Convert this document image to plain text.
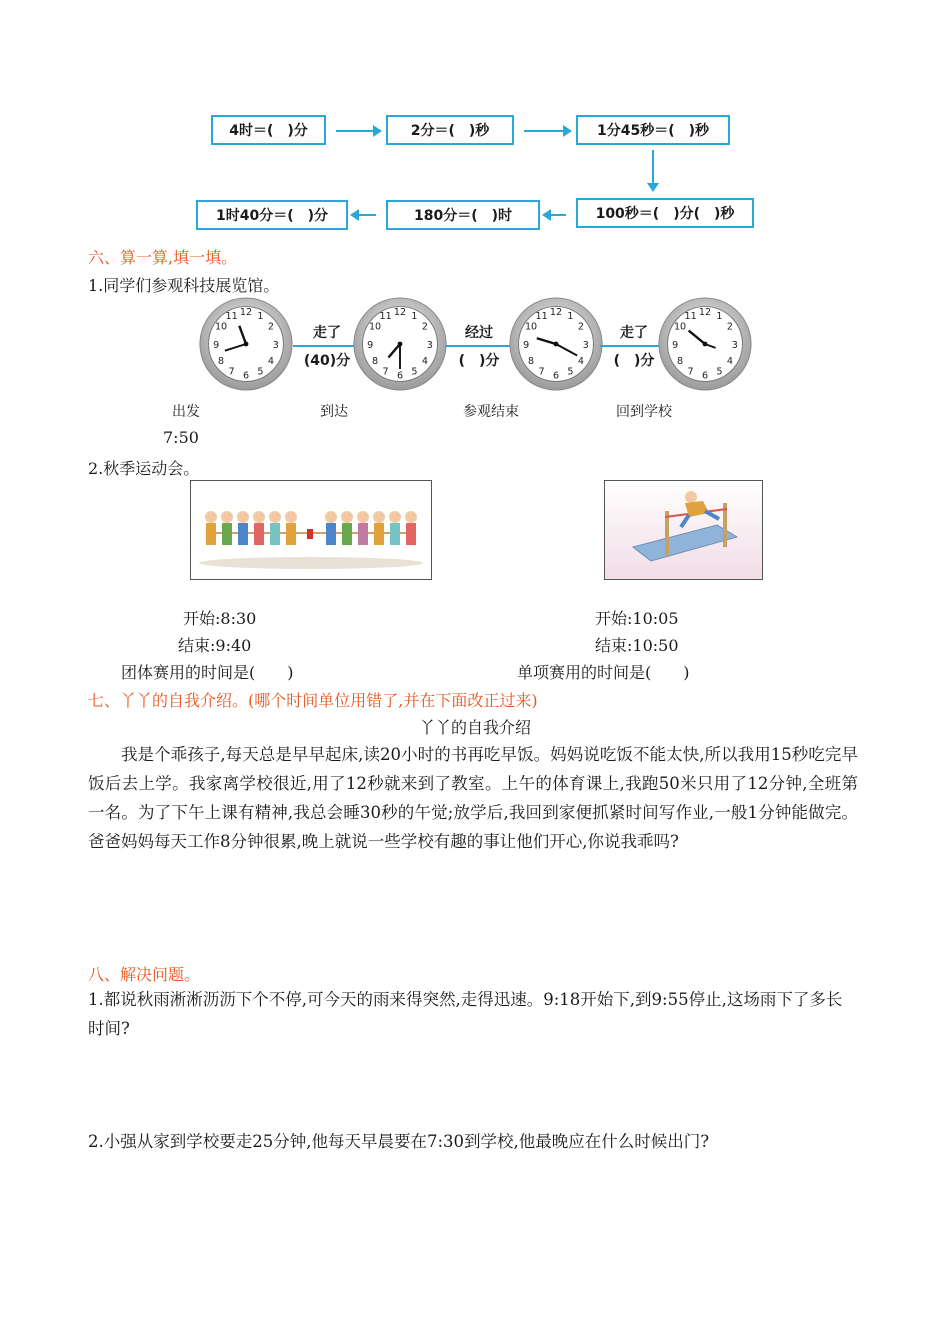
4时＝(　)分	2分＝(　)秒	1分45秒＝(　)秒
100秒＝(　)分(　)秒
180分＝(　)时
1时40分＝(　)分
六、算一算,填一填。
1.同学们参观科技展览馆。
12 1
2
3
4
5
6
7
8
9
10
11
走了
(40)分
12 1
2
3
4
5
6
7
8
9
10
11
经过
(　)分
12 1
2
3
4
5
6
7
8
9
10
11
走了
(　)分
12 1
2
3
4
5
6
7
8
9
10
11
出发	到达	参观结束	回到学校
7:50
2.秋季运动会。
开始:8:30
结束:9:40
团体赛用的时间是(　　)
开始:10:05
结束:10:50
单项赛用的时间是(　　)
七、丫丫的自我介绍。(哪个时间单位用错了,并在下面改正过来)
丫丫的自我介绍

我是个乖孩子,每天总是早早起床,读20小时的书再吃早饭。妈妈说吃饭不能太快,所以我用15秒吃完早饭后去上学。我家离学校很近,用了12秒就来到了教室。上午的体育课上,我跑50米只用了12分钟,全班第一名。为了下午上课有精神,我总会睡30秒的午觉;放学后,我回到家便抓紧时间写作业,一般1分钟能做完。爸爸妈妈每天工作8分钟很累,晚上就说一些学校有趣的事让他们开心,你说我乖吗?

八、解决问题。

1.都说秋雨淅淅沥沥下个不停,可今天的雨来得突然,走得迅速。9:18开始下,到9:55停止,这场雨下了多长时间?

2.小强从家到学校要走25分钟,他每天早晨要在7:30到学校,他最晚应在什么时候出门?
